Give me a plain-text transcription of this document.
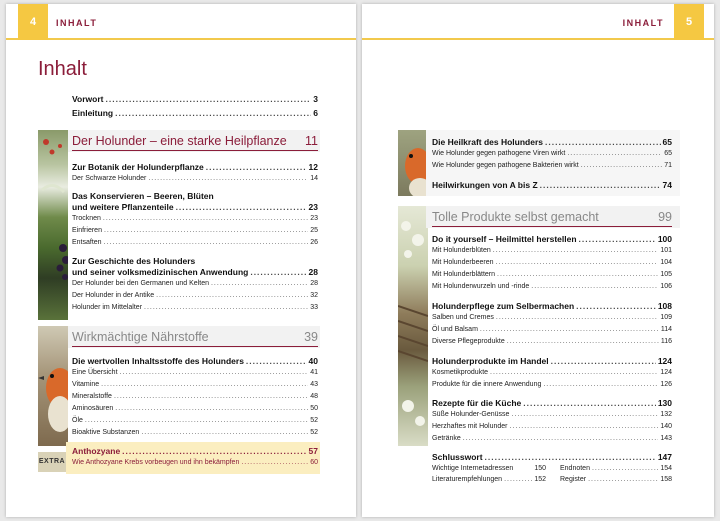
4	INHALT
Inhalt
Vorwort .....	3
Einleitung .....	6
Der Holunder – eine starke Heilpflanze 11
Zur Botanik der Holunderpflanze .....	12
Der Schwarze Holunder .....	14
Das Konservieren – Beeren, Blüten
und weitere Pflanzenteile .....	23
Trocknen .....	23
Einfrieren .....	25
Entsaften .....	26
Zur Geschichte des Holunders
und seiner volksmedizinischen Anwendung .....	28
Der Holunder bei den Germanen und Kelten .....	28
Der Holunder in der Antike .....	32
Holunder im Mittelalter .....	33
Wirkmächtige Nährstoffe	39
Die wertvollen Inhaltsstoffe des Holunders .....	40
Eine Übersicht .....	41
Vitamine .....	43
Mineralstoffe .....	48
Aminosäuren .....	50
Öle .....	52
Bioaktive Substanzen .....	52
EXTRA
Anthozyane .....	57
Wie Anthozyane Krebs vorbeugen und ihn bekämpfen .....	60
5
INHALT
Die Heilkraft des Holunders .....	65
Wie Holunder gegen pathogene Viren wirkt .....	65
Wie Holunder gegen pathogene Bakterien wirkt .....	71
Heilwirkungen von A bis Z .....	74
Tolle Produkte selbst gemacht	99
Do it yourself – Heilmittel herstellen .....	100
Mit Holunderblüten .....	101
Mit Holunderbeeren .....	104
Mit Holunderblättern .....	105
Mit Holunderwurzeln und -rinde .....	106
Holunderpflege zum Selbermachen .....	108
Salben und Cremes .....	109
Öl und Balsam .....	114
Diverse Pflegeprodukte .....	116
Holunderprodukte im Handel .....	124
Kosmetikprodukte .....	124
Produkte für die innere Anwendung .....	126
Rezepte für die Küche .....	130
Süße Holunder-Genüsse .....	132
Herzhaftes mit Holunder .....	140
Getränke .....	143
Schlusswort .....	147
Wichtige Internetadressen	150
Literaturempfehlungen .....	152
Endnoten .....	154
Register .....	158
